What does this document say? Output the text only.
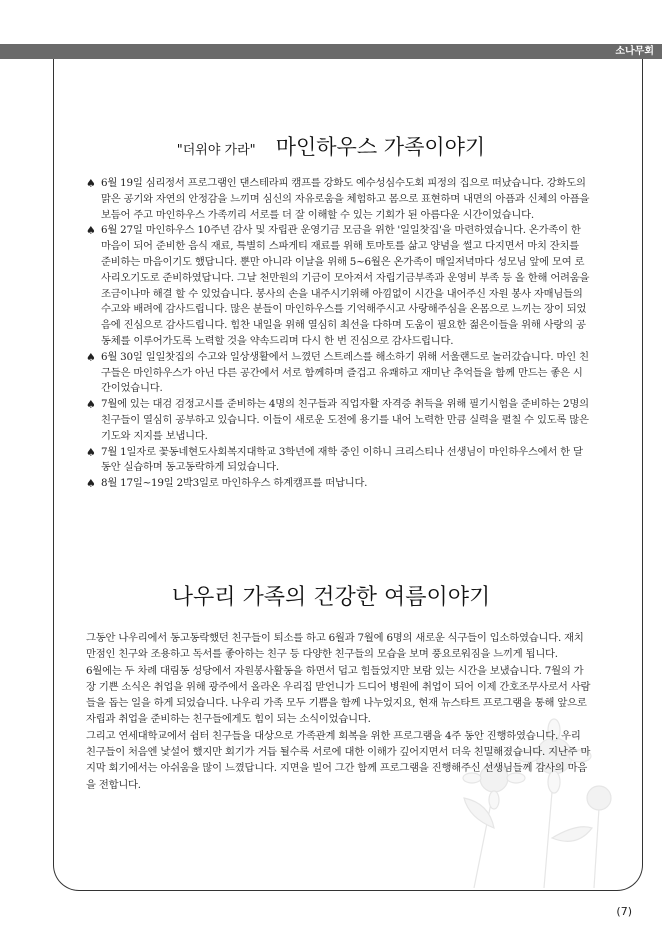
소나무회
"더위야 가라" 마인하우스 가족이야기

♠ 6월 19일 심리정서 프로그램인 댄스테라피 캠프를 강화도 예수성심수도회 피정의 집으로 떠났습니다. 강화도의 맑은 공기와 자연의 안정감을 느끼며 심신의 자유로움을 체험하고 몸으로 표현하며 내면의 아픔과 신체의 아픔을 보듬어 주고 마인하우스 가족끼리 서로를 더 잘 이해할 수 있는 기회가 된 아름다운 시간이었습니다.

♠ 6월 27일 마인하우스 10주년 감사 및 자립관 운영기금 모금을 위한 '일일찻집'을 마련하였습니다. 온가족이 한마음이 되어 준비한 음식 재료, 특별히 스파게티 재료를 위해 토마토를 삶고 양념을 썰고 다지면서 마치 잔치를 준비하는 마음이기도 했답니다. 뿐만 아니라 이날을 위해 5~6월은 온가족이 매일저녁마다 성모님 앞에 모여 로사리오기도로 준비하였답니다. 그날 천만원의 기금이 모아져서 자립기금부족과 운영비 부족 등 올 한해 어려움을 조금이나마 해결 할 수 있었습니다. 봉사의 손을 내주시기위해 아낌없이 시간을 내어주신 자원 봉사 자매님들의 수고와 배려에 감사드립니다. 많은 분들이 마인하우스를 기억해주시고 사랑해주심을 온몸으로 느끼는 장이 되었음에 진심으로 감사드립니다. 힘찬 내일을 위해 열심히 최선을 다하며 도움이 필요한 젊은이들을 위해 사랑의 공동체를 이루어가도록 노력할 것을 약속드리며 다시 한 번 진심으로 감사드립니다.

♠ 6월 30일 일일찻집의 수고와 일상생활에서 느꼈던 스트레스를 해소하기 위해 서울랜드로 놀러갔습니다. 마인 친구들은 마인하우스가 아닌 다른 공간에서 서로 함께하며 즐겁고 유쾌하고 재미난 추억들을 함께 만드는 좋은 시간이었습니다.

♠ 7월에 있는 대검 검정고시를 준비하는 4명의 친구들과 직업자활 자격증 취득을 위해 필기시험을 준비하는 2명의 친구들이 열심히 공부하고 있습니다. 이들이 새로운 도전에 용기를 내어 노력한 만큼 실력을 펼칠 수 있도록 많은 기도와 지지를 보냅니다.

♠ 7월 1일자로 꽃동네현도사회복지대학교 3학년에 재학 중인 이하니 크리스티나 선생님이 마인하우스에서 한 달 동안 실습하며 동고동락하게 되었습니다.

♠ 8월 17일~19일 2박3일로 마인하우스 하계캠프를 떠납니다.

나우리 가족의 건강한 여름이야기

그동안 나우리에서 동고동락했던 친구들이 퇴소를 하고 6월과 7월에 6명의 새로운 식구들이 입소하였습니다. 재치 만점인 친구와 조용하고 독서를 좋아하는 친구 등 다양한 친구들의 모습을 보며 풍요로워짐을 느끼게 됩니다.

6월에는 두 차례 대림동 성당에서 자원봉사활동을 하면서 덥고 힘들었지만 보람 있는 시간을 보냈습니다. 7월의 가장 기쁜 소식은 취업을 위해 광주에서 올라온 우리집 맏언니가 드디어 병원에 취업이 되어 이제 간호조무사로서 사람들을 돕는 일을 하게 되었습니다. 나우리 가족 모두 기쁨을 함께 나누었지요, 현재 뉴스타트 프로그램을 통해 앞으로 자립과 취업을 준비하는 친구들에게도 힘이 되는 소식이었습니다.

그리고 연세대학교에서 쉼터 친구들을 대상으로 가족관계 회복을 위한 프로그램을 4주 동안 진행하였습니다. 우리 친구들이 처음엔 낯설어 했지만 회기가 거듭 될수록 서로에 대한 이해가 깊어지면서 더욱 친밀해졌습니다. 지난주 마지막 회기에서는 아쉬움을 많이 느꼈답니다. 지면을 빌어 그간 함께 프로그램을 진행해주신 선생님들께 감사의 마음을 전합니다.

(7)
